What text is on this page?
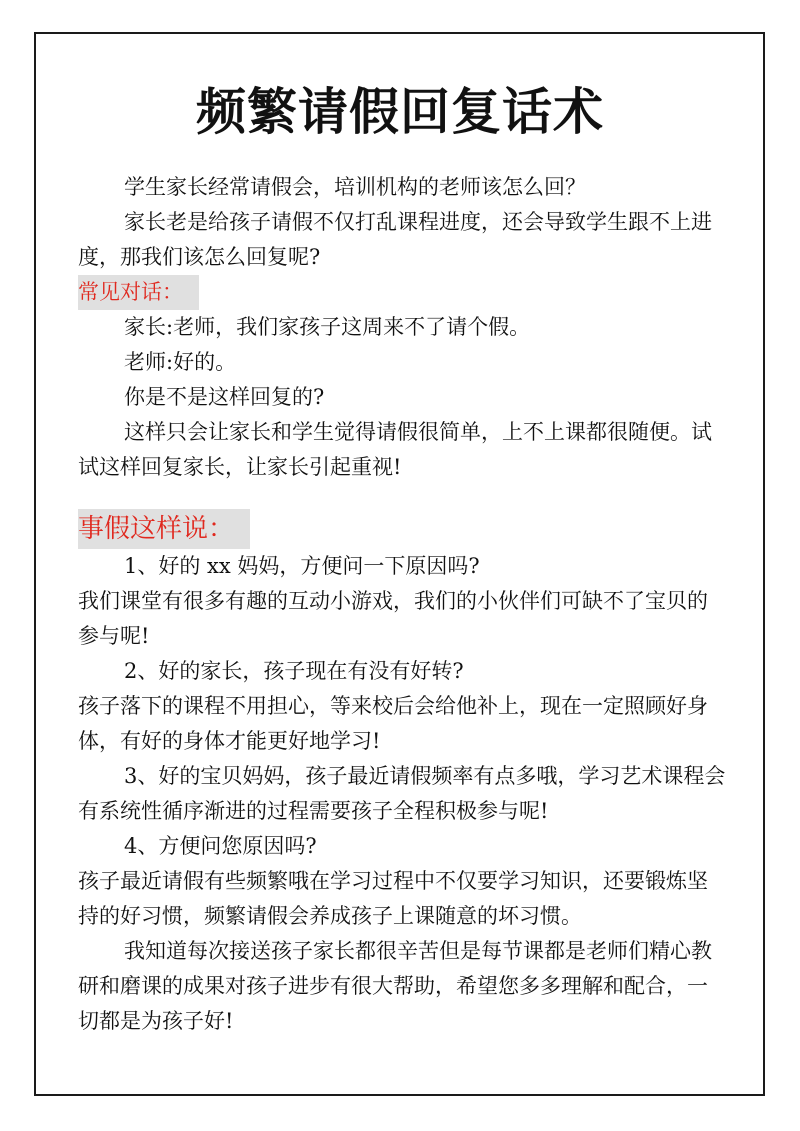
频繁请假回复话术

学生家长经常请假会，培训机构的老师该怎么回？

家长老是给孩子请假不仅打乱课程进度，还会导致学生跟不上进度，那我们该怎么回复呢?

常见对话：

家长:老师，我们家孩子这周来不了请个假。

老师:好的。

你是不是这样回复的?

这样只会让家长和学生觉得请假很简单，上不上课都很随便。试试这样回复家长，让家长引起重视!

事假这样说：

1、好的 xx 妈妈，方便问一下原因吗?

我们课堂有很多有趣的互动小游戏，我们的小伙伴们可缺不了宝贝的参与呢!

2、好的家长，孩子现在有没有好转?

孩子落下的课程不用担心，等来校后会给他补上，现在一定照顾好身体，有好的身体才能更好地学习!

3、好的宝贝妈妈，孩子最近请假频率有点多哦，学习艺术课程会有系统性循序渐进的过程需要孩子全程积极参与呢!

4、方便问您原因吗?

孩子最近请假有些频繁哦在学习过程中不仅要学习知识，还要锻炼坚持的好习惯，频繁请假会养成孩子上课随意的坏习惯。

我知道每次接送孩子家长都很辛苦但是每节课都是老师们精心教研和磨课的成果对孩子进步有很大帮助，希望您多多理解和配合，一切都是为孩子好!
